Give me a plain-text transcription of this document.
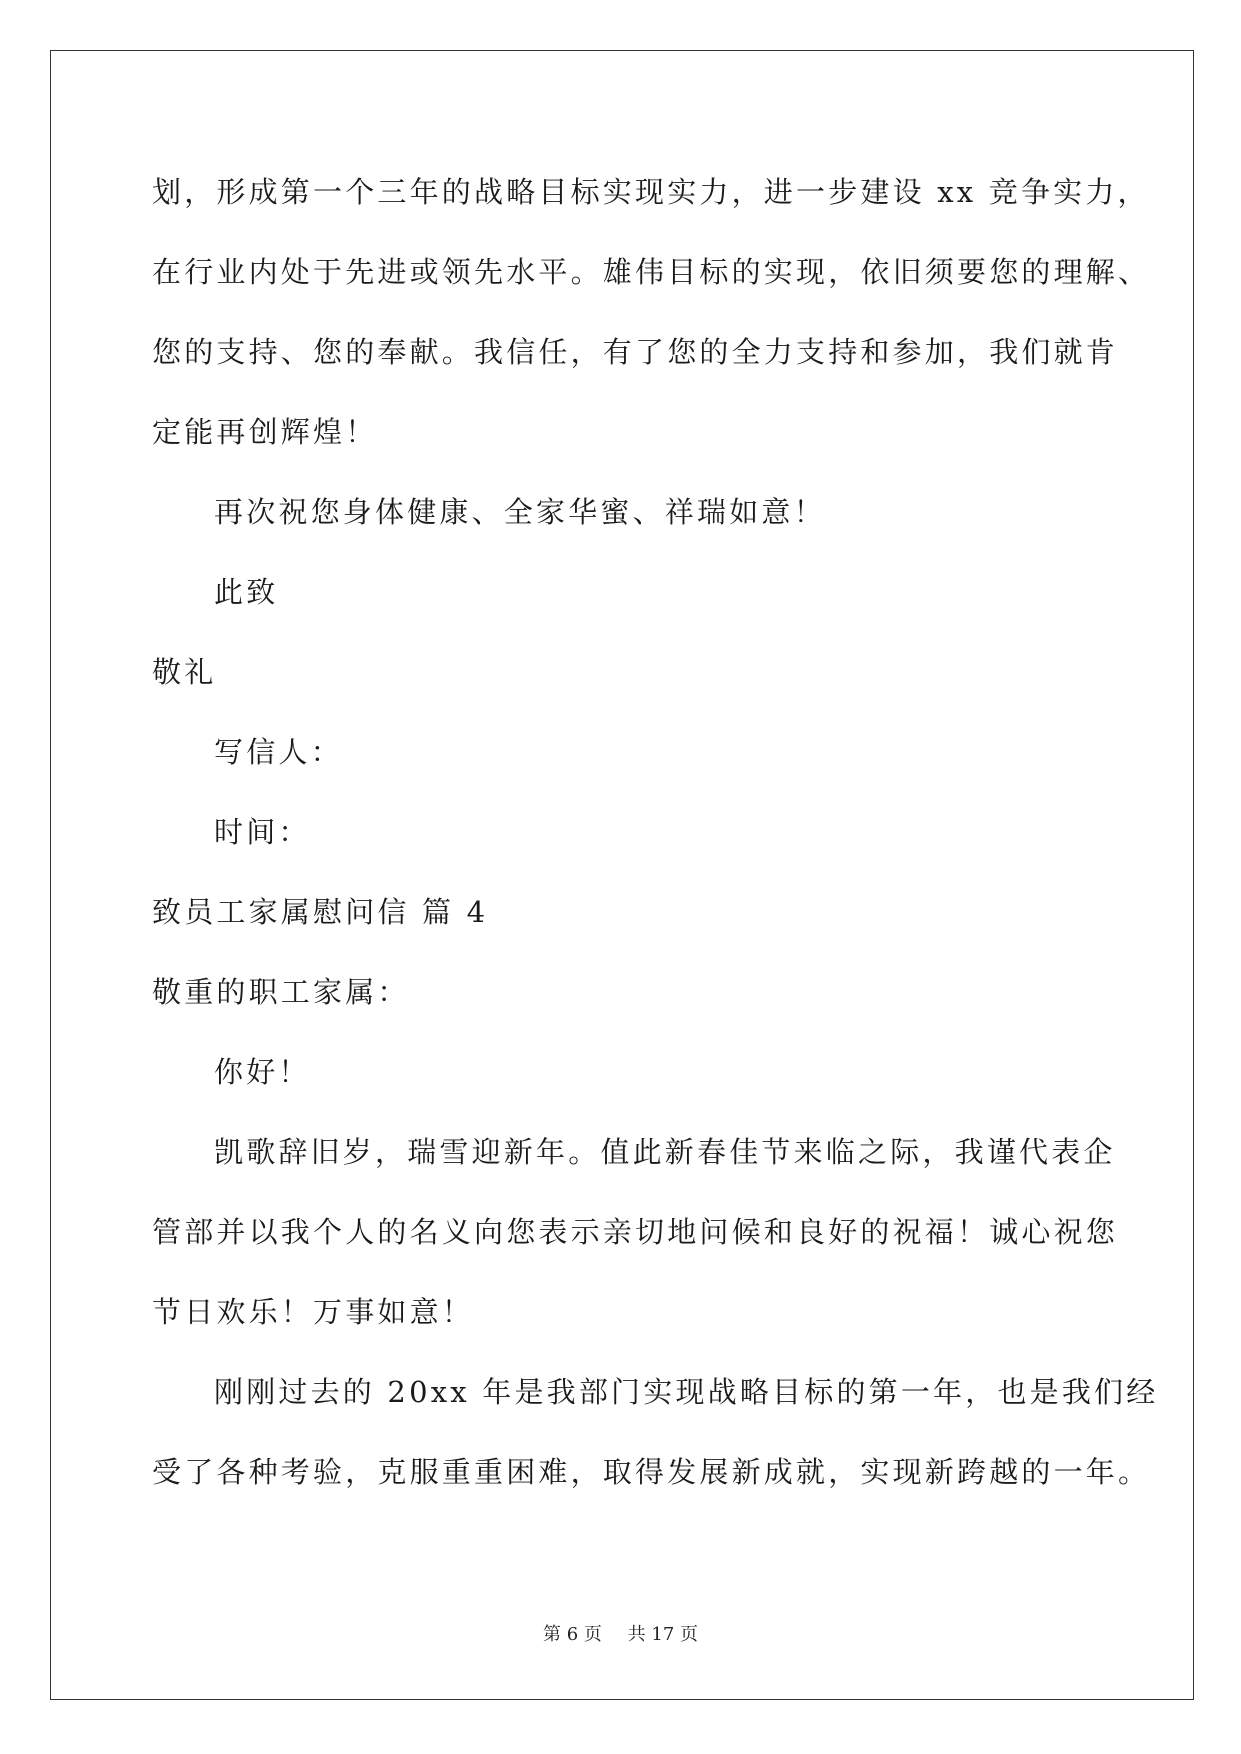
划，形成第一个三年的战略目标实现实力，进一步建设 xx 竞争实力，
在行业内处于先进或领先水平。雄伟目标的实现，依旧须要您的理解、
您的支持、您的奉献。我信任，有了您的全力支持和参加，我们就肯
定能再创辉煌！
再次祝您身体健康、全家华蜜、祥瑞如意！
此致
敬礼
写信人：
时间：
致员工家属慰问信 篇 4
敬重的职工家属：
你好！
凯歌辞旧岁，瑞雪迎新年。值此新春佳节来临之际，我谨代表企
管部并以我个人的名义向您表示亲切地问候和良好的祝福！诚心祝您
节日欢乐！万事如意！
刚刚过去的 20xx 年是我部门实现战略目标的第一年，也是我们经
受了各种考验，克服重重困难，取得发展新成就，实现新跨越的一年。
第 6 页 共 17 页
